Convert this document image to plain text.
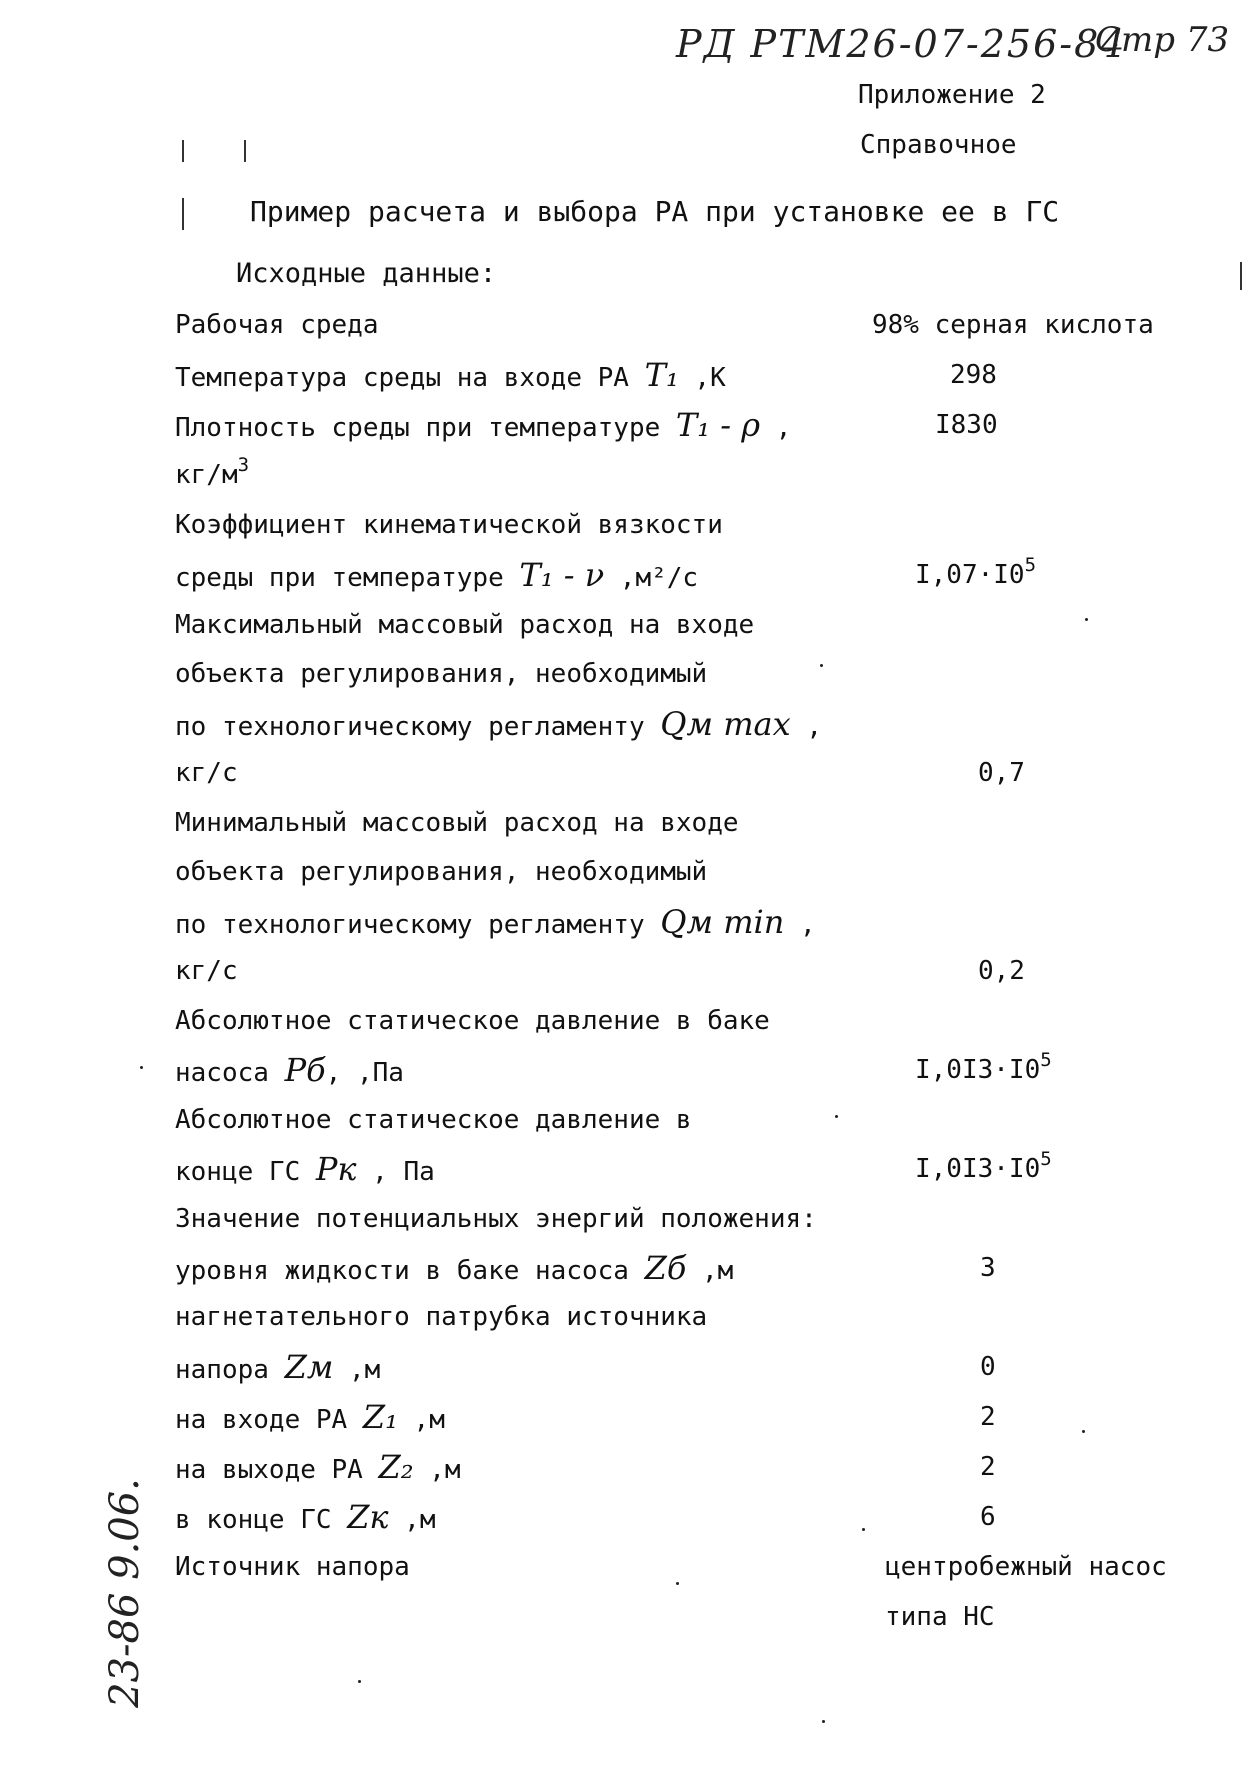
РД РТМ26-07-256-84
Стр 73
Приложение 2
Справочное
Пример расчета и выбора РА при установке ее в ГС
Исходные данные:
Рабочая среда	98% серная кислота
Температура среды на входе РА T₁ ,К	298
Плотность среды при температуре T₁ - ρ ,	I830
$кг/м^3$
Коэффициент кинематической вязкости
среды при температуре T₁ - ν ,м²/с	$I,07\cdot I0^5$
Максимальный массовый расход на входе
объекта регулирования, необходимый
по технологическому регламенту Qм max ,
кг/с	0,7
Минимальный массовый расход на входе
объекта регулирования, необходимый
по технологическому регламенту Qм min ,
кг/с	0,2
Абсолютное статическое давление в баке
насоса Pб, ,Па	$I,0I3\cdot I0^5$
Абсолютное статическое давление в
конце ГС Pк , Па	$I,0I3\cdot I0^5$
Значение потенциальных энергий положения:
уровня жидкости в баке насоса Zб ,м	3
нагнетательного патрубка источника
напора Zм ,м	0
на входе РА Z₁ ,м	2
на выходе РА Z₂ ,м	2
в конце ГС Zк ,м	6
Источник напора	центробежный насос
типа НС
23-86 9.06.
